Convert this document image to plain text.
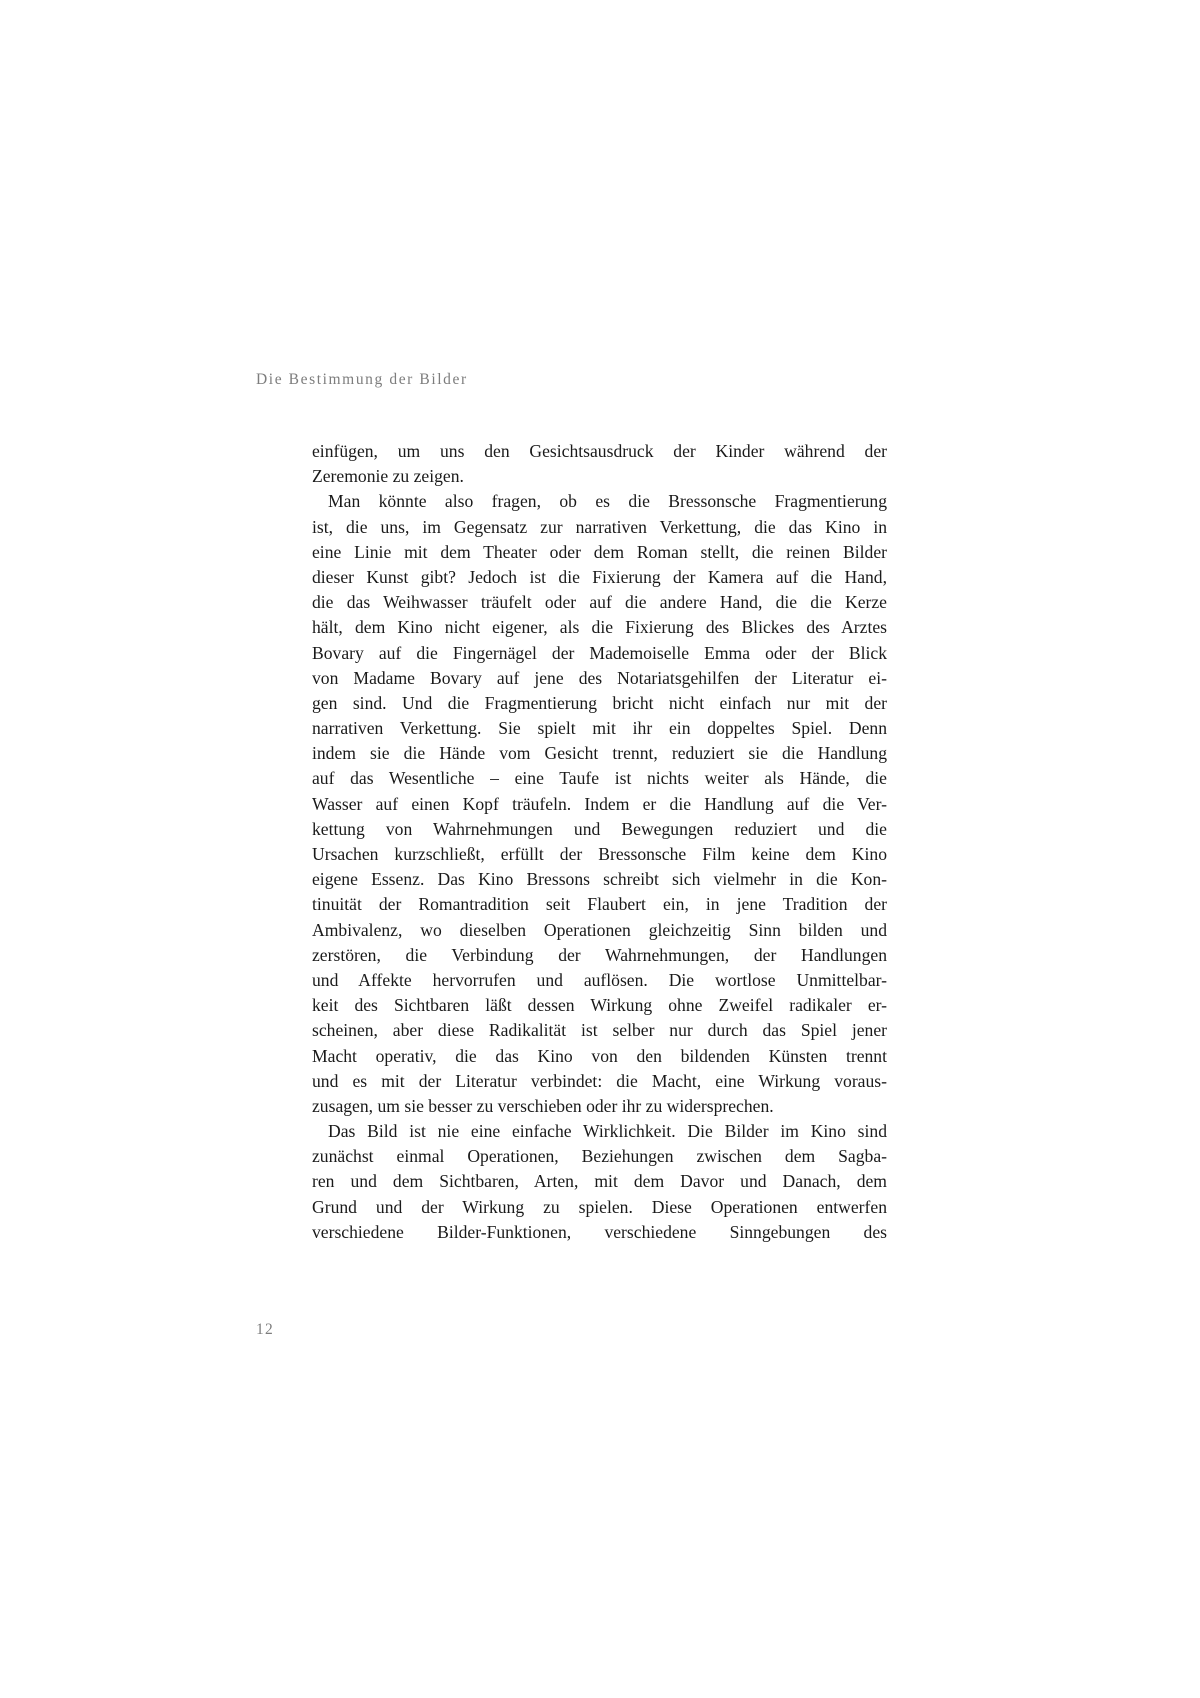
Die Bestimmung der Bilder
einfügen, um uns den Gesichtsausdruck der Kinder während der
Zeremonie zu zeigen.
Man könnte also fragen, ob es die Bressonsche Fragmentierung
ist, die uns, im Gegensatz zur narrativen Verkettung, die das Kino in
eine Linie mit dem Theater oder dem Roman stellt, die reinen Bilder
dieser Kunst gibt? Jedoch ist die Fixierung der Kamera auf die Hand,
die das Weihwasser träufelt oder auf die andere Hand, die die Kerze
hält, dem Kino nicht eigener, als die Fixierung des Blickes des Arztes
Bovary auf die Fingernägel der Mademoiselle Emma oder der Blick
von Madame Bovary auf jene des Notariatsgehilfen der Literatur ei-
gen sind. Und die Fragmentierung bricht nicht einfach nur mit der
narrativen Verkettung. Sie spielt mit ihr ein doppeltes Spiel. Denn
indem sie die Hände vom Gesicht trennt, reduziert sie die Handlung
auf das Wesentliche – eine Taufe ist nichts weiter als Hände, die
Wasser auf einen Kopf träufeln. Indem er die Handlung auf die Ver-
kettung von Wahrnehmungen und Bewegungen reduziert und die
Ursachen kurzschließt, erfüllt der Bressonsche Film keine dem Kino
eigene Essenz. Das Kino Bressons schreibt sich vielmehr in die Kon-
tinuität der Romantradition seit Flaubert ein, in jene Tradition der
Ambivalenz, wo dieselben Operationen gleichzeitig Sinn bilden und
zerstören, die Verbindung der Wahrnehmungen, der Handlungen
und Affekte hervorrufen und auflösen. Die wortlose Unmittelbar-
keit des Sichtbaren läßt dessen Wirkung ohne Zweifel radikaler er-
scheinen, aber diese Radikalität ist selber nur durch das Spiel jener
Macht operativ, die das Kino von den bildenden Künsten trennt
und es mit der Literatur verbindet: die Macht, eine Wirkung voraus-
zusagen, um sie besser zu verschieben oder ihr zu widersprechen.
Das Bild ist nie eine einfache Wirklichkeit. Die Bilder im Kino sind
zunächst einmal Operationen, Beziehungen zwischen dem Sagba-
ren und dem Sichtbaren, Arten, mit dem Davor und Danach, dem
Grund und der Wirkung zu spielen. Diese Operationen entwerfen
verschiedene Bilder-Funktionen, verschiedene Sinngebungen des
12
